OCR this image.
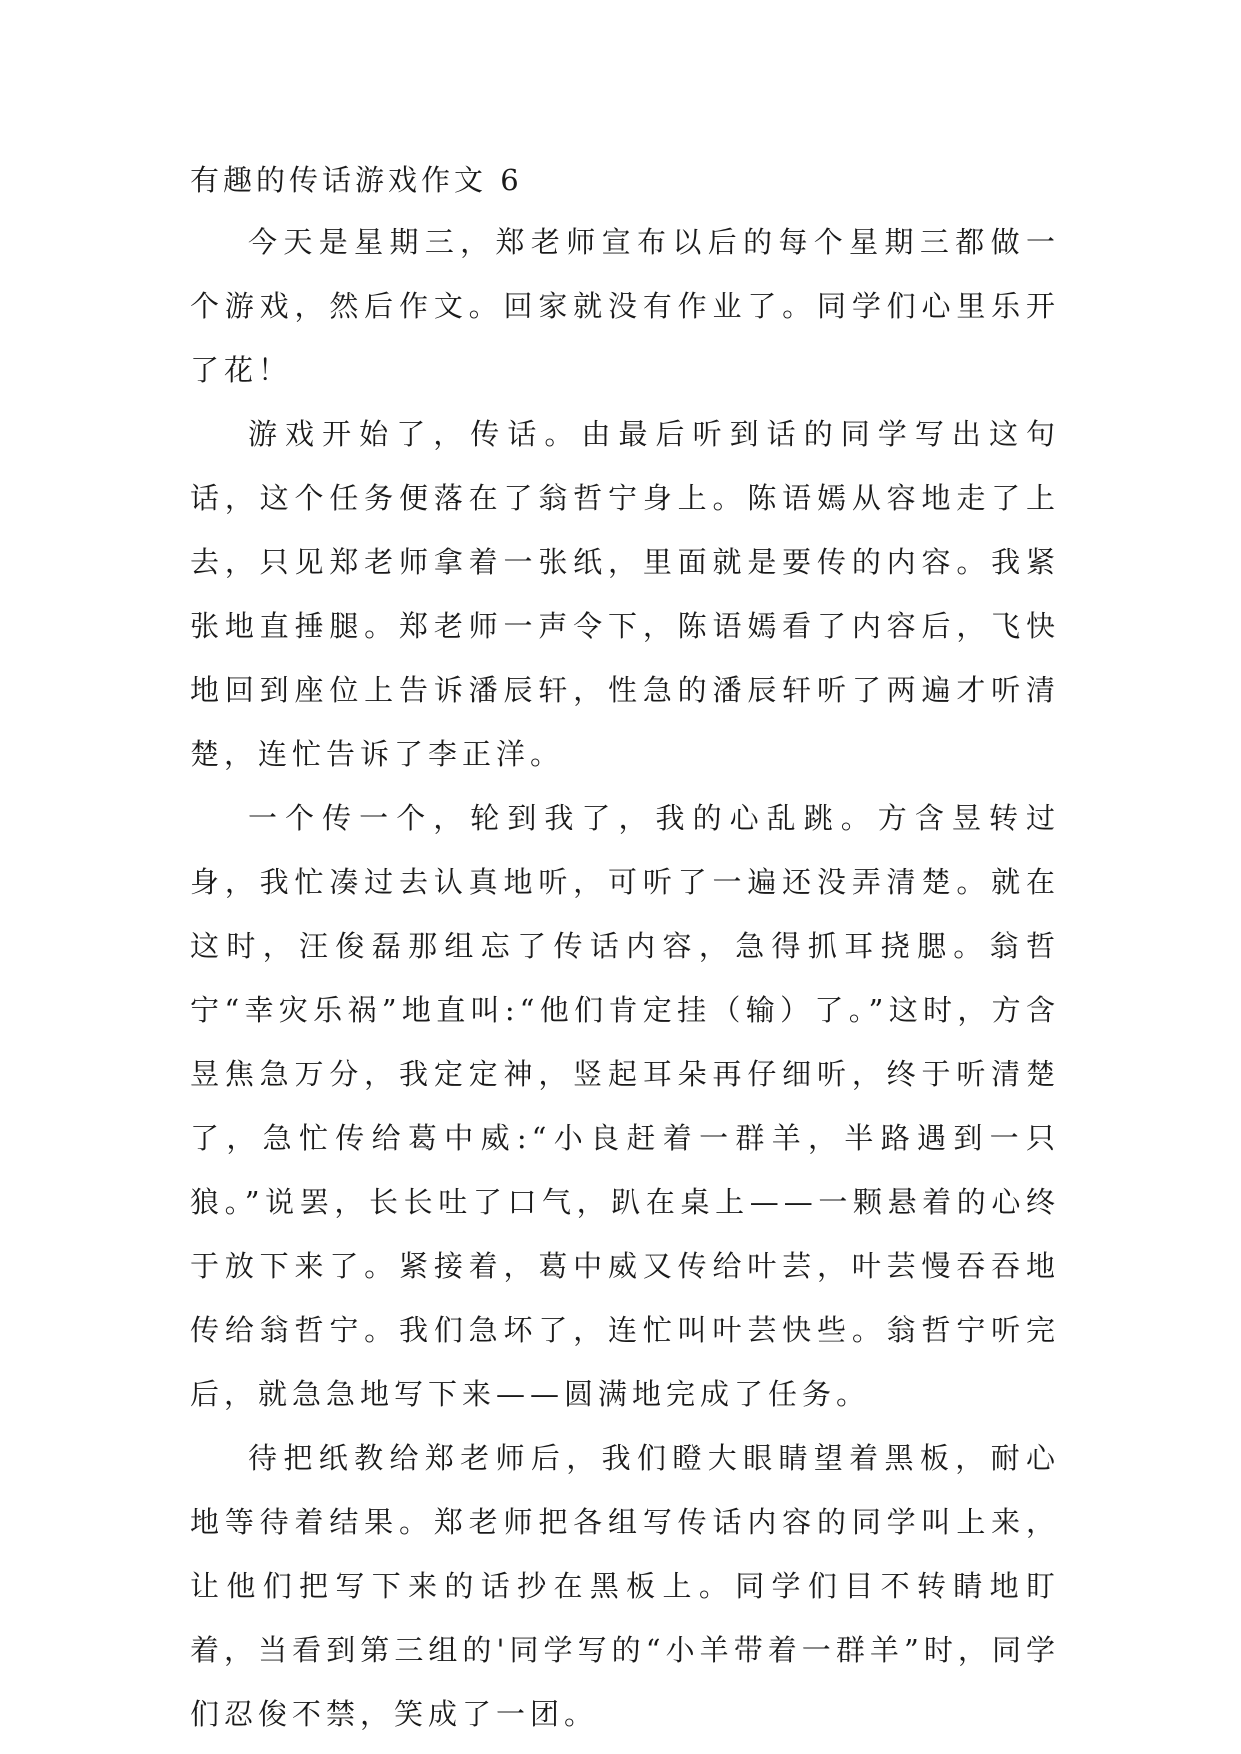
有趣的传话游戏作文 6

今天是星期三，郑老师宣布以后的每个星期三都做一个游戏，然后作文。回家就没有作业了。同学们心里乐开了花！

游戏开始了，传话。由最后听到话的同学写出这句话，这个任务便落在了翁哲宁身上。陈语嫣从容地走了上去，只见郑老师拿着一张纸，里面就是要传的内容。我紧张地直捶腿。郑老师一声令下，陈语嫣看了内容后，飞快地回到座位上告诉潘辰轩，性急的潘辰轩听了两遍才听清楚，连忙告诉了李正洋。

一个传一个，轮到我了，我的心乱跳。方含昱转过身，我忙凑过去认真地听，可听了一遍还没弄清楚。就在这时，汪俊磊那组忘了传话内容，急得抓耳挠腮。翁哲宁“幸灾乐祸”地直叫:“他们肯定挂（输）了。”这时，方含昱焦急万分，我定定神，竖起耳朵再仔细听，终于听清楚了，急忙传给葛中威:“小良赶着一群羊，半路遇到一只狼。”说罢，长长吐了口气，趴在桌上——一颗悬着的心终于放下来了。紧接着，葛中威又传给叶芸，叶芸慢吞吞地传给翁哲宁。我们急坏了，连忙叫叶芸快些。翁哲宁听完后，就急急地写下来——圆满地完成了任务。

待把纸教给郑老师后，我们瞪大眼睛望着黑板，耐心地等待着结果。郑老师把各组写传话内容的同学叫上来，让他们把写下来的话抄在黑板上。同学们目不转睛地盯着，当看到第三组的'同学写的“小羊带着一群羊”时，同学们忍俊不禁，笑成了一团。
